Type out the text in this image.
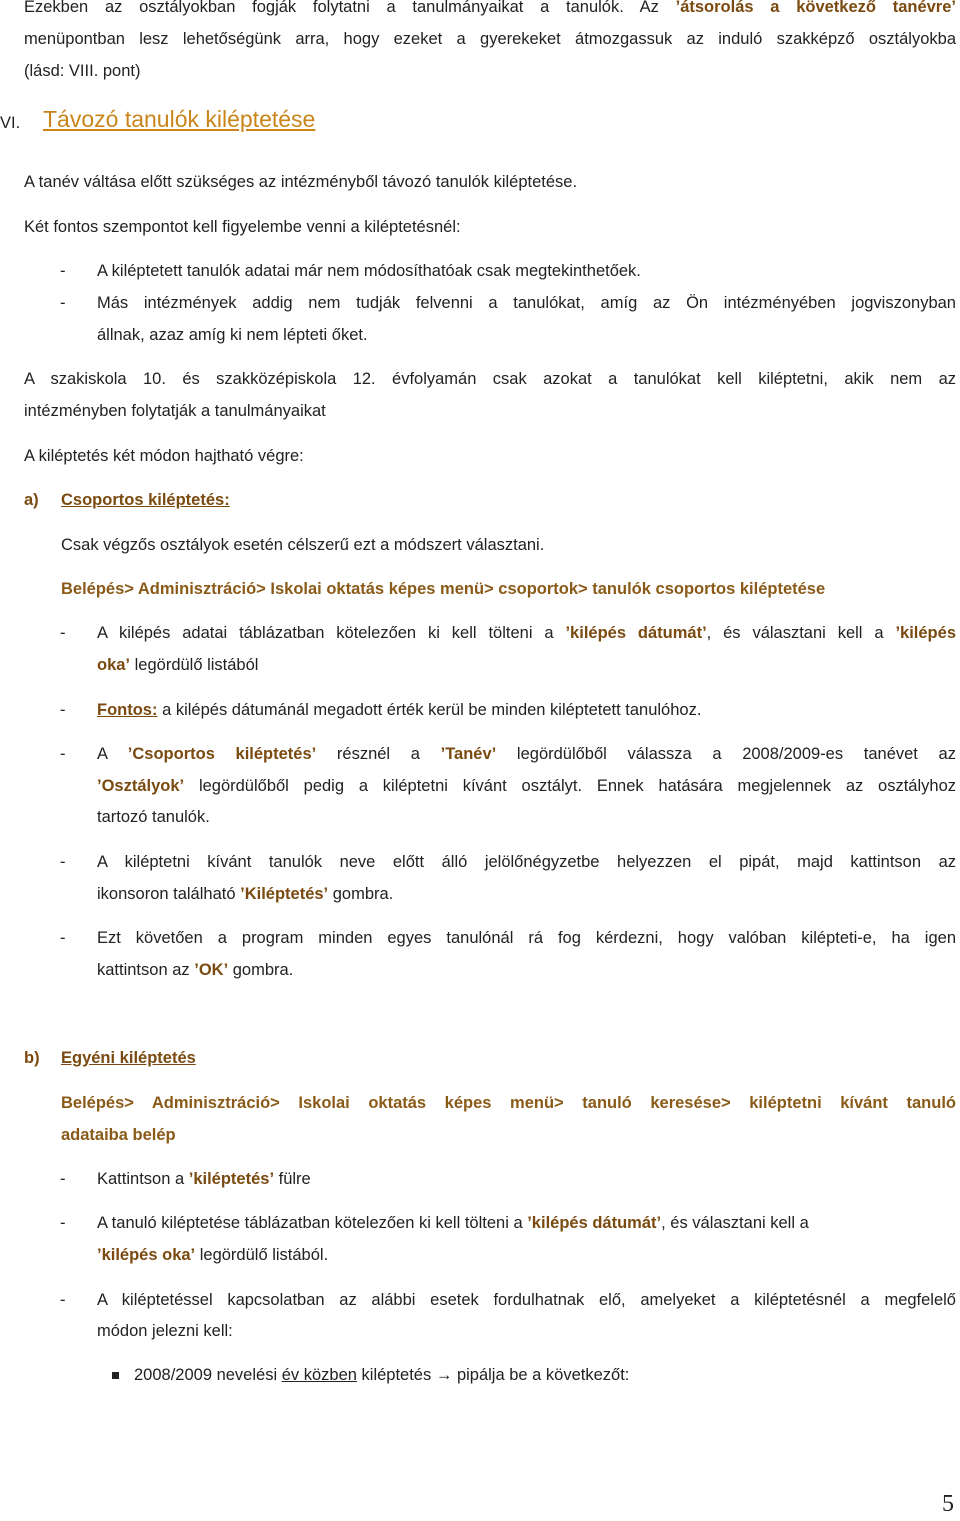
Ezekben az osztályokban fogják folytatni a tanulmányaikat a tanulók. Az ’átsorolás a következő tanévre’
menüpontban lesz lehetőségünk arra, hogy ezeket a gyerekeket átmozgassuk az induló szakképző osztályokba
(lásd: VIII. pont)
VI. Távozó tanulók kiléptetése
A tanév váltása előtt szükséges az intézményből távozó tanulók kiléptetése.
Két fontos szempontot kell figyelembe venni a kiléptetésnél:
- A kiléptetett tanulók adatai már nem módosíthatóak csak megtekinthetőek.
- Más intézmények addig nem tudják felvenni a tanulókat, amíg az Ön intézményében jogviszonyban
állnak, azaz amíg ki nem lépteti őket.
A szakiskola 10. és szakközépiskola 12. évfolyamán csak azokat a tanulókat kell kiléptetni, akik nem az
intézményben folytatják a tanulmányaikat
A kiléptetés két módon hajtható végre:
a) Csoportos kiléptetés:
Csak végzős osztályok esetén célszerű ezt a módszert választani.
Belépés> Adminisztráció> Iskolai oktatás képes menü> csoportok> tanulók csoportos kiléptetése
- A kilépés adatai táblázatban kötelezően ki kell tölteni a ’kilépés dátumát’, és választani kell a ’kilépés
oka’ legördülő listából
- Fontos: a kilépés dátumánál megadott érték kerül be minden kiléptetett tanulóhoz.
- A ’Csoportos kiléptetés’ résznél a ’Tanév’ legördülőből válassza a 2008/2009-es tanévet az
’Osztályok’ legördülőből pedig a kiléptetni kívánt osztályt. Ennek hatására megjelennek az osztályhoz
tartozó tanulók.
- A kiléptetni kívánt tanulók neve előtt álló jelölőnégyzetbe helyezzen el pipát, majd kattintson az
ikonsoron található ’Kiléptetés’ gombra.
- Ezt követően a program minden egyes tanulónál rá fog kérdezni, hogy valóban kilépteti-e, ha igen
kattintson az ’OK’ gombra.
b) Egyéni kiléptetés
Belépés> Adminisztráció> Iskolai oktatás képes menü> tanuló keresése> kiléptetni kívánt tanuló
adataiba belép
- Kattintson a ’kiléptetés’ fülre
- A tanuló kiléptetése táblázatban kötelezően ki kell tölteni a ’kilépés dátumát’, és választani kell a
’kilépés oka’ legördülő listából.
- A kiléptetéssel kapcsolatban az alábbi esetek fordulhatnak elő, amelyeket a kiléptetésnél a megfelelő
módon jelezni kell:
2008/2009 nevelési év közben kiléptetés → pipálja be a következőt:
5
